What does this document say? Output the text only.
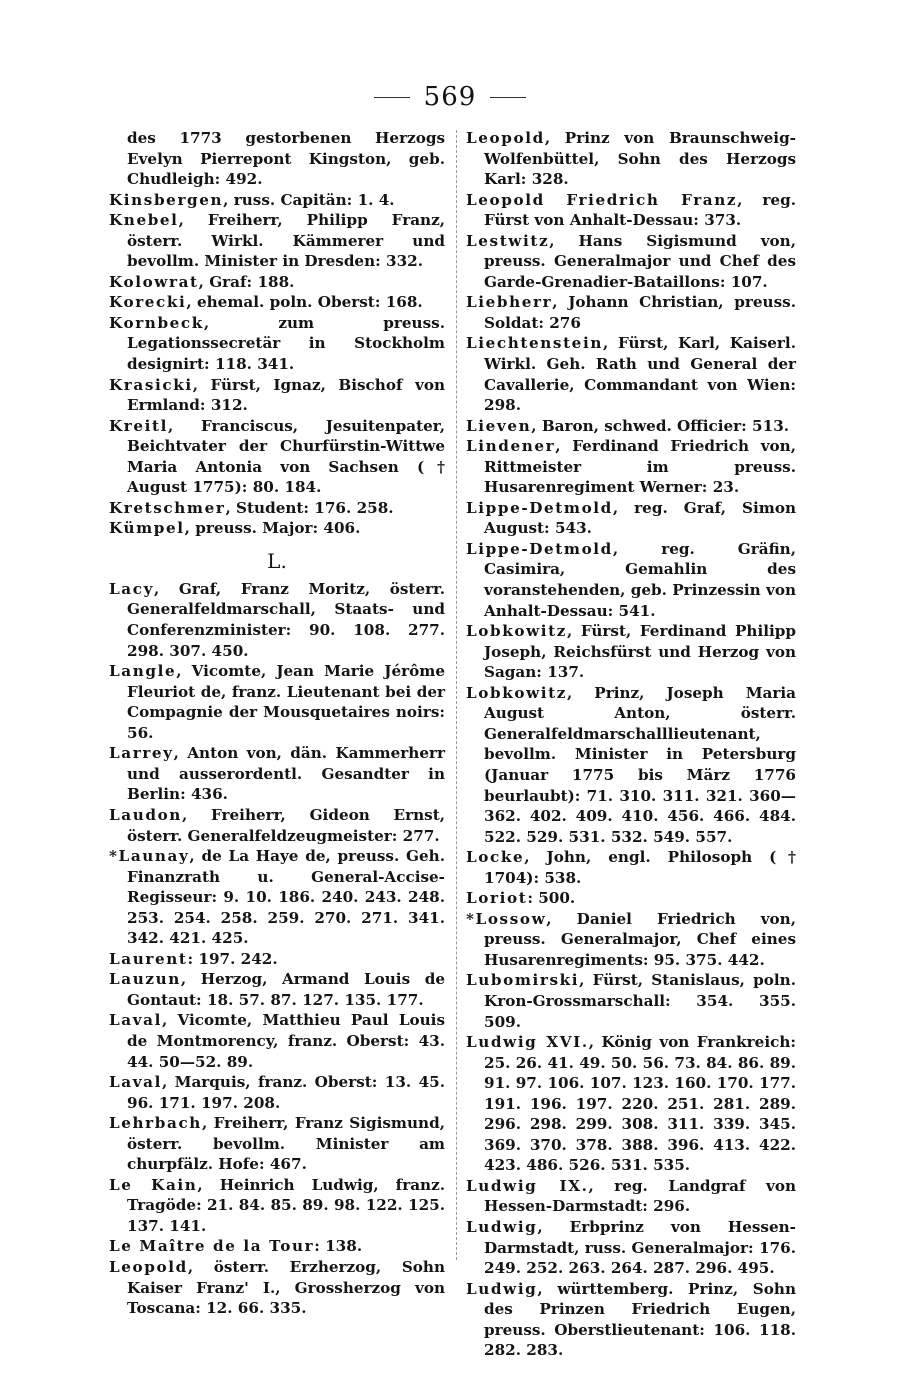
569

des 1773 gestorbenen Herzogs Evelyn Pierrepont Kingston, geb. Chudleigh: 492.

Kinsbergen, russ. Capitän: 1. 4.

Knebel, Freiherr, Philipp Franz, österr. Wirkl. Kämmerer und bevollm. Minister in Dresden: 332.

Kolowrat, Graf: 188.

Korecki, ehemal. poln. Oberst: 168.

Kornbeck, zum preuss. Legationssecretär in Stockholm designirt: 118. 341.

Krasicki, Fürst, Ignaz, Bischof von Ermland: 312.

Kreitl, Franciscus, Jesuitenpater, Beichtvater der Churfürstin-Wittwe Maria Antonia von Sachsen († August 1775): 80. 184.

Kretschmer, Student: 176. 258.

Kümpel, preuss. Major: 406.

L.

Lacy, Graf, Franz Moritz, österr. Generalfeldmarschall, Staats- und Conferenzminister: 90. 108. 277. 298. 307. 450.

Langle, Vicomte, Jean Marie Jérôme Fleuriot de, franz. Lieutenant bei der Compagnie der Mousquetaires noirs: 56.

Larrey, Anton von, dän. Kammerherr und ausserordentl. Gesandter in Berlin: 436.

Laudon, Freiherr, Gideon Ernst, österr. Generalfeldzeugmeister: 277.

*Launay, de La Haye de, preuss. Geh. Finanzrath u. General-Accise-Regisseur: 9. 10. 186. 240. 243. 248. 253. 254. 258. 259. 270. 271. 341. 342. 421. 425.

Laurent: 197. 242.

Lauzun, Herzog, Armand Louis de Gontaut: 18. 57. 87. 127. 135. 177.

Laval, Vicomte, Matthieu Paul Louis de Montmorency, franz. Oberst: 43. 44. 50—52. 89.

Laval, Marquis, franz. Oberst: 13. 45. 96. 171. 197. 208.

Lehrbach, Freiherr, Franz Sigismund, österr. bevollm. Minister am churpfälz. Hofe: 467.

Le Kain, Heinrich Ludwig, franz. Tragöde: 21. 84. 85. 89. 98. 122. 125. 137. 141.

Le Maître de la Tour: 138.

Leopold, österr. Erzherzog, Sohn Kaiser Franz' I., Grossherzog von Toscana: 12. 66. 335.

Leopold, Prinz von Braunschweig-Wolfenbüttel, Sohn des Herzogs Karl: 328.

Leopold Friedrich Franz, reg. Fürst von Anhalt-Dessau: 373.

Lestwitz, Hans Sigismund von, preuss. Generalmajor und Chef des Garde-Grenadier-Bataillons: 107.

Liebherr, Johann Christian, preuss. Soldat: 276

Liechtenstein, Fürst, Karl, Kaiserl. Wirkl. Geh. Rath und General der Cavallerie, Commandant von Wien: 298.

Lieven, Baron, schwed. Officier: 513.

Lindener, Ferdinand Friedrich von, Rittmeister im preuss. Husarenregiment Werner: 23.

Lippe-Detmold, reg. Graf, Simon August: 543.

Lippe-Detmold, reg. Gräfin, Casimira, Gemahlin des voranstehenden, geb. Prinzessin von Anhalt-Dessau: 541.

Lobkowitz, Fürst, Ferdinand Philipp Joseph, Reichsfürst und Herzog von Sagan: 137.

Lobkowitz, Prinz, Joseph Maria August Anton, österr. Generalfeldmarschalllieutenant, bevollm. Minister in Petersburg (Januar 1775 bis März 1776 beurlaubt): 71. 310. 311. 321. 360—362. 402. 409. 410. 456. 466. 484. 522. 529. 531. 532. 549. 557.

Locke, John, engl. Philosoph († 1704): 538.

Loriot: 500.

*Lossow, Daniel Friedrich von, preuss. Generalmajor, Chef eines Husarenregiments: 95. 375. 442.

Lubomirski, Fürst, Stanislaus, poln. Kron-Grossmarschall: 354. 355. 509.

Ludwig XVI., König von Frankreich: 25. 26. 41. 49. 50. 56. 73. 84. 86. 89. 91. 97. 106. 107. 123. 160. 170. 177. 191. 196. 197. 220. 251. 281. 289. 296. 298. 299. 308. 311. 339. 345. 369. 370. 378. 388. 396. 413. 422. 423. 486. 526. 531. 535.

Ludwig IX., reg. Landgraf von Hessen-Darmstadt: 296.

Ludwig, Erbprinz von Hessen-Darmstadt, russ. Generalmajor: 176. 249. 252. 263. 264. 287. 296. 495.

Ludwig, württemberg. Prinz, Sohn des Prinzen Friedrich Eugen, preuss. Oberstlieutenant: 106. 118. 282. 283.
